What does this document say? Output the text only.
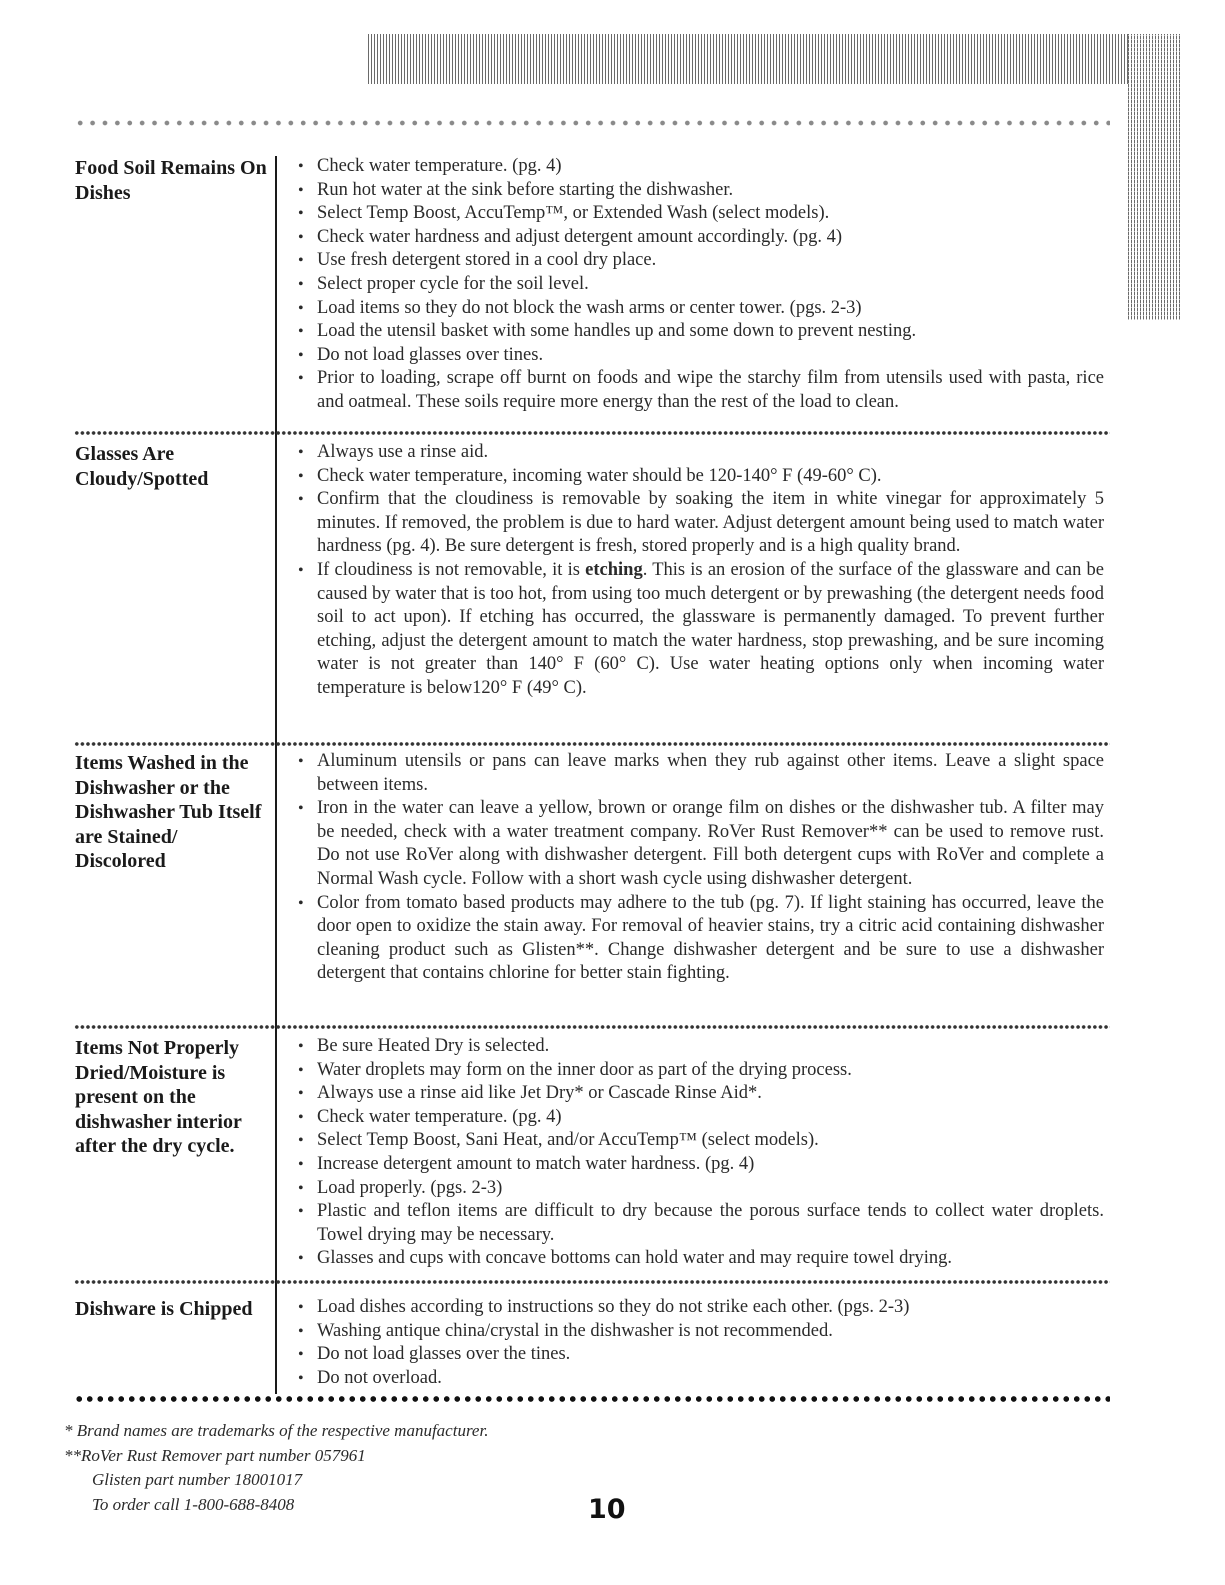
Food Soil Remains On Dishes
• Check water temperature. (pg. 4)
• Run hot water at the sink before starting the dishwasher.
• Select Temp Boost, AccuTemp™, or Extended Wash (select models).
• Check water hardness and adjust detergent amount accordingly. (pg. 4)
• Use fresh detergent stored in a cool dry place.
• Select proper cycle for the soil level.
• Load items so they do not block the wash arms or center tower. (pgs. 2-3)
• Load the utensil basket with some handles up and some down to prevent nesting.
• Do not load glasses over tines.
• Prior to loading, scrape off burnt on foods and wipe the starchy film from utensils used with pasta, rice and oatmeal. These soils require more energy than the rest of the load to clean.
Glasses Are Cloudy/Spotted
• Always use a rinse aid.
• Check water temperature, incoming water should be 120-140° F (49-60° C).
• Confirm that the cloudiness is removable by soaking the item in white vinegar for approximately 5 minutes. If removed, the problem is due to hard water. Adjust detergent amount being used to match water hardness (pg. 4). Be sure detergent is fresh, stored properly and is a high quality brand.
• If cloudiness is not removable, it is etching. This is an erosion of the surface of the glassware and can be caused by water that is too hot, from using too much detergent or by prewashing (the detergent needs food soil to act upon). If etching has occurred, the glassware is permanently damaged. To prevent further etching, adjust the detergent amount to match the water hardness, stop prewashing, and be sure incoming water is not greater than 140° F (60° C). Use water heating options only when incoming water temperature is below120° F (49° C).
Items Washed in the Dishwasher or the Dishwasher Tub Itself are Stained/ Discolored
• Aluminum utensils or pans can leave marks when they rub against other items. Leave a slight space between items.
• Iron in the water can leave a yellow, brown or orange film on dishes or the dishwasher tub. A filter may be needed, check with a water treatment company. RoVer Rust Remover** can be used to remove rust. Do not use RoVer along with dishwasher detergent. Fill both detergent cups with RoVer and complete a Normal Wash cycle. Follow with a short wash cycle using dishwasher detergent.
• Color from tomato based products may adhere to the tub (pg. 7). If light staining has occurred, leave the door open to oxidize the stain away. For removal of heavier stains, try a citric acid containing dishwasher cleaning product such as Glisten**. Change dishwasher detergent and be sure to use a dishwasher detergent that contains chlorine for better stain fighting.
Items Not Properly Dried/Moisture is present on the dishwasher interior after the dry cycle.
• Be sure Heated Dry is selected.
• Water droplets may form on the inner door as part of the drying process.
• Always use a rinse aid like Jet Dry* or Cascade Rinse Aid*.
• Check water temperature. (pg. 4)
• Select Temp Boost, Sani Heat, and/or AccuTemp™ (select models).
• Increase detergent amount to match water hardness. (pg. 4)
• Load properly. (pgs. 2-3)
• Plastic and teflon items are difficult to dry because the porous surface tends to collect water droplets. Towel drying may be necessary.
• Glasses and cups with concave bottoms can hold water and may require towel drying.
Dishware is Chipped	• Load dishes according to instructions so they do not strike each other. (pgs. 2-3)
• Washing antique china/crystal in the dishwasher is not recommended.
• Do not load glasses over the tines.
• Do not overload.
* Brand names are trademarks of the respective manufacturer.
**RoVer Rust Remover part number 057961
Glisten part number 18001017
To order call 1-800-688-8408	10
